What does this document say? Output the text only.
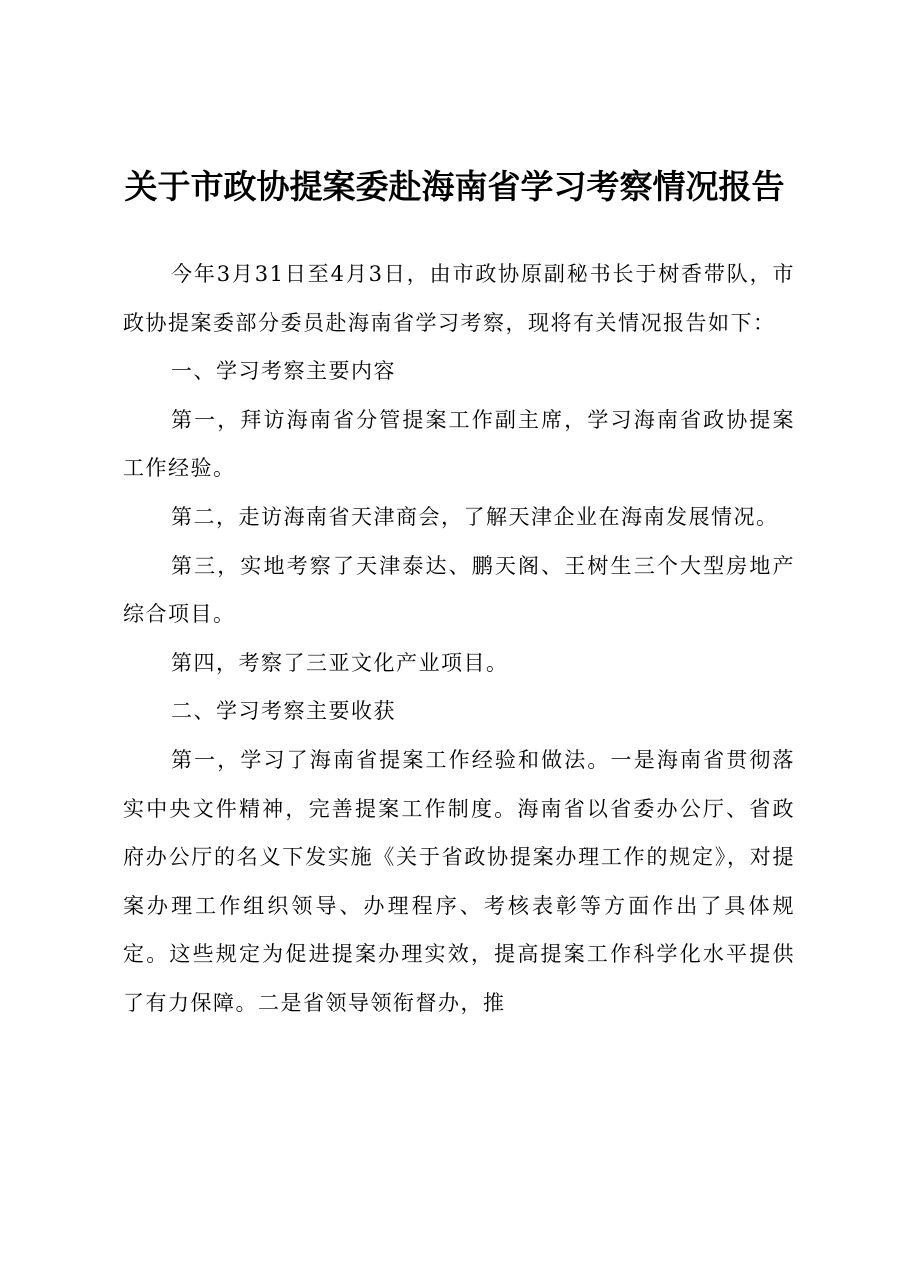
关于市政协提案委赴海南省学习考察情况报告

今年3月31日至4月3日，由市政协原副秘书长于树香带队，市政协提案委部分委员赴海南省学习考察，现将有关情况报告如下：

一、学习考察主要内容

第一，拜访海南省分管提案工作副主席，学习海南省政协提案工作经验。

第二，走访海南省天津商会，了解天津企业在海南发展情况。

第三，实地考察了天津泰达、鹏天阁、王树生三个大型房地产综合项目。

第四，考察了三亚文化产业项目。

二、学习考察主要收获

第一，学习了海南省提案工作经验和做法。一是海南省贯彻落实中央文件精神，完善提案工作制度。海南省以省委办公厅、省政府办公厅的名义下发实施《关于省政协提案办理工作的规定》，对提案办理工作组织领导、办理程序、考核表彰等方面作出了具体规定。这些规定为促进提案办理实效，提高提案工作科学化水平提供了有力保障。二是省领导领衔督办，推
